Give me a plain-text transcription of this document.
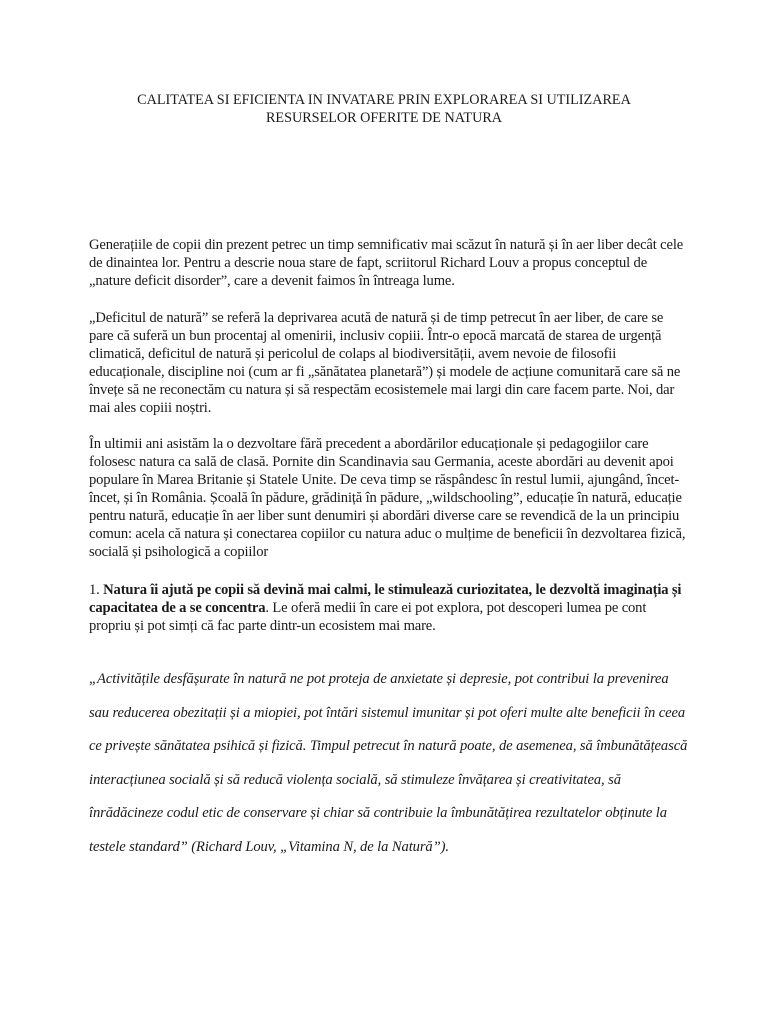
CALITATEA SI EFICIENTA IN INVATARE PRIN EXPLORAREA SI UTILIZAREA
RESURSELOR OFERITE DE NATURA

Generațiile de copii din prezent petrec un timp semnificativ mai scăzut în natură și în aer liber decât cele de dinaintea lor. Pentru a descrie noua stare de fapt, scriitorul Richard Louv a propus conceptul de „nature deficit disorder”, care a devenit faimos în întreaga lume.

„Deficitul de natură” se referă la deprivarea acută de natură și de timp petrecut în aer liber, de care se pare că suferă un bun procentaj al omenirii, inclusiv copiii. Într-o epocă marcată de starea de urgență climatică, deficitul de natură și pericolul de colaps al biodiversității, avem nevoie de filosofii educaționale, discipline noi (cum ar fi „sănătatea planetară”) și modele de acțiune comunitară care să ne învețe să ne reconectăm cu natura și să respectăm ecosistemele mai largi din care facem parte. Noi, dar mai ales copiii noștri.

În ultimii ani asistăm la o dezvoltare fără precedent a abordărilor educaționale și pedagogiilor care folosesc natura ca sală de clasă. Pornite din Scandinavia sau Germania, aceste abordări au devenit apoi populare în Marea Britanie și Statele Unite. De ceva timp se răspândesc în restul lumii, ajungând, încet-încet, și în România. Școală în pădure, grădiniță în pădure, „wildschooling”, educație în natură, educație pentru natură, educație în aer liber sunt denumiri și abordări diverse care se revendică de la un principiu comun: acela că natura și conectarea copiilor cu natura aduc o mulțime de beneficii în dezvoltarea fizică, socială și psihologică a copiilor

1. Natura îi ajută pe copii să devină mai calmi, le stimulează curiozitatea, le dezvoltă imaginația și capacitatea de a se concentra. Le oferă medii în care ei pot explora, pot descoperi lumea pe cont propriu și pot simți că fac parte dintr-un ecosistem mai mare.

„Activitățile desfășurate în natură ne pot proteja de anxietate și depresie, pot contribui la prevenirea sau reducerea obezitații și a miopiei, pot întări sistemul imunitar și pot oferi multe alte beneficii în ceea ce privește sănătatea psihică și fizică. Timpul petrecut în natură poate, de asemenea, să îmbunătățească interacțiunea socială și să reducă violența socială, să stimuleze învățarea și creativitatea, să înrădăcineze codul etic de conservare și chiar să contribuie la îmbunătățirea rezultatelor obținute la testele standard” (Richard Louv, „Vitamina N, de la Natură”).
